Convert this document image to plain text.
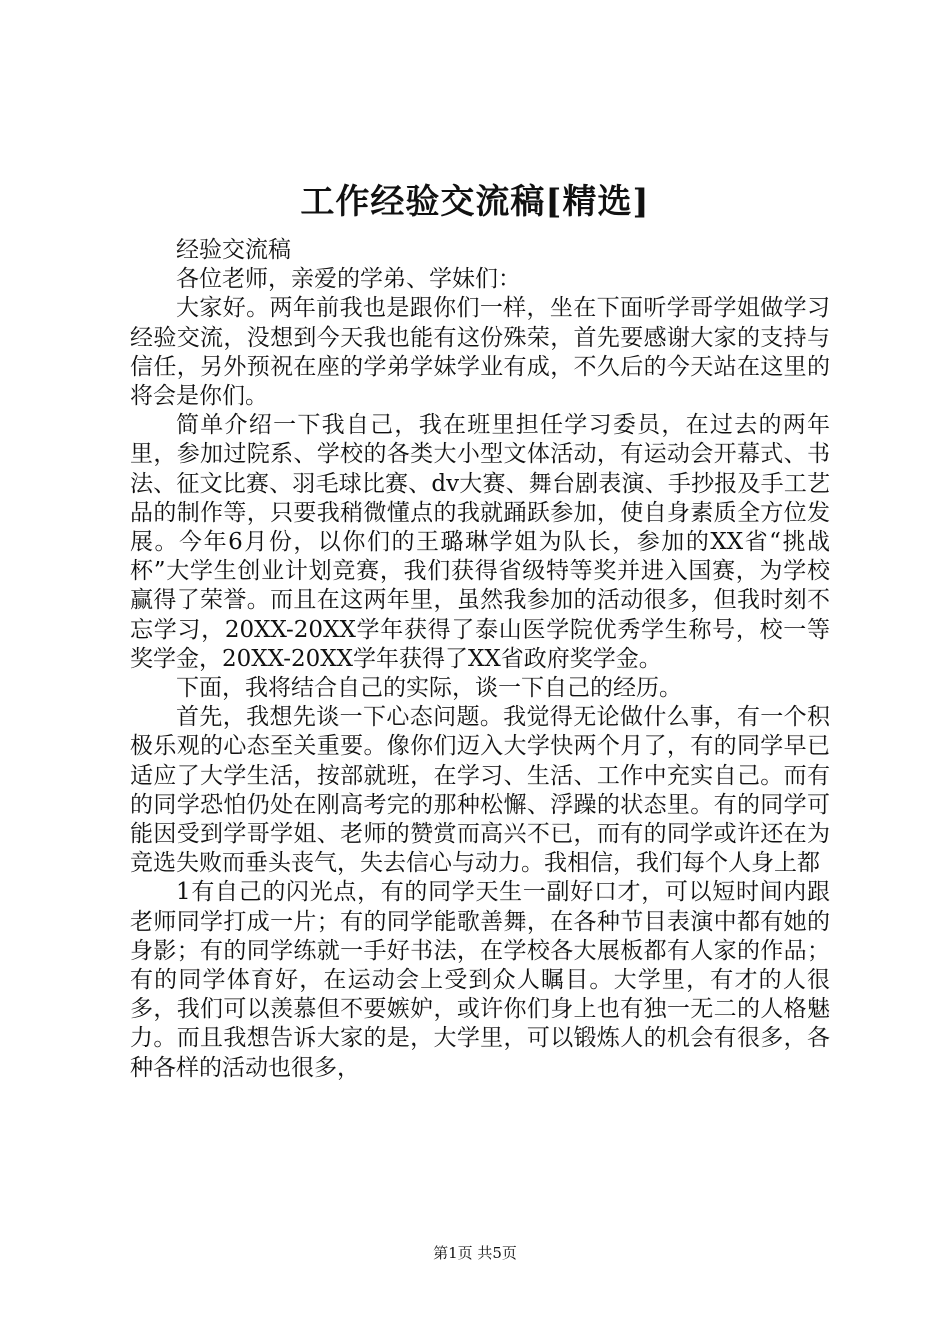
工作经验交流稿[精选]

经验交流稿

各位老师，亲爱的学弟、学妹们：

大家好。两年前我也是跟你们一样，坐在下面听学哥学姐做学习经验交流，没想到今天我也能有这份殊荣，首先要感谢大家的支持与信任，另外预祝在座的学弟学妹学业有成，不久后的今天站在这里的将会是你们。

简单介绍一下我自己，我在班里担任学习委员，在过去的两年里，参加过院系、学校的各类大小型文体活动，有运动会开幕式、书法、征文比赛、羽毛球比赛、dv大赛、舞台剧表演、手抄报及手工艺品的制作等，只要我稍微懂点的我就踊跃参加，使自身素质全方位发展。今年6月份，以你们的王璐琳学姐为队长，参加的XX省“挑战杯”大学生创业计划竞赛，我们获得省级特等奖并进入国赛，为学校赢得了荣誉。而且在这两年里，虽然我参加的活动很多，但我时刻不忘学习，20XX-20XX学年获得了泰山医学院优秀学生称号，校一等奖学金，20XX-20XX学年获得了XX省政府奖学金。

下面，我将结合自己的实际，谈一下自己的经历。

首先，我想先谈一下心态问题。我觉得无论做什么事，有一个积极乐观的心态至关重要。像你们迈入大学快两个月了，有的同学早已适应了大学生活，按部就班，在学习、生活、工作中充实自己。而有的同学恐怕仍处在刚高考完的那种松懈、浮躁的状态里。有的同学可能因受到学哥学姐、老师的赞赏而高兴不已，而有的同学或许还在为竞选失败而垂头丧气，失去信心与动力。我相信，我们每个人身上都

1有自己的闪光点，有的同学天生一副好口才，可以短时间内跟老师同学打成一片；有的同学能歌善舞，在各种节目表演中都有她的身影；有的同学练就一手好书法，在学校各大展板都有人家的作品；有的同学体育好，在运动会上受到众人瞩目。大学里，有才的人很多，我们可以羡慕但不要嫉妒，或许你们身上也有独一无二的人格魅力。而且我想告诉大家的是，大学里，可以锻炼人的机会有很多，各种各样的活动也很多，

第1页 共5页
